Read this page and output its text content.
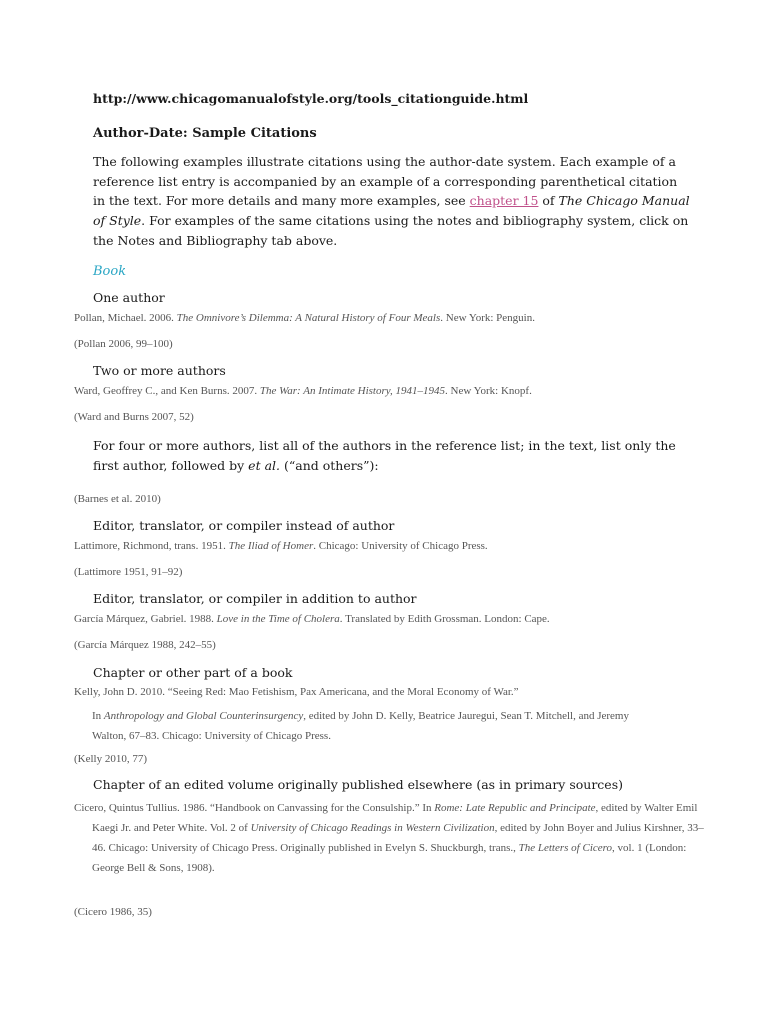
http://www.chicagomanualofstyle.org/tools_citationguide.html
Author-Date: Sample Citations
The following examples illustrate citations using the author-date system. Each example of a reference list entry is accompanied by an example of a corresponding parenthetical citation in the text. For more details and many more examples, see chapter 15 of The Chicago Manual of Style. For examples of the same citations using the notes and bibliography system, click on the Notes and Bibliography tab above.
Book
One author
Pollan, Michael. 2006. The Omnivore’s Dilemma: A Natural History of Four Meals. New York: Penguin.
(Pollan 2006, 99–100)
Two or more authors
Ward, Geoffrey C., and Ken Burns. 2007. The War: An Intimate History, 1941–1945. New York: Knopf.
(Ward and Burns 2007, 52)
For four or more authors, list all of the authors in the reference list; in the text, list only the first author, followed by et al. (“and others”):
(Barnes et al. 2010)
Editor, translator, or compiler instead of author
Lattimore, Richmond, trans. 1951. The Iliad of Homer. Chicago: University of Chicago Press.
(Lattimore 1951, 91–92)
Editor, translator, or compiler in addition to author
García Márquez, Gabriel. 1988. Love in the Time of Cholera. Translated by Edith Grossman. London: Cape.
(García Márquez 1988, 242–55)
Chapter or other part of a book
Kelly, John D. 2010. “Seeing Red: Mao Fetishism, Pax Americana, and the Moral Economy of War.”
In Anthropology and Global Counterinsurgency, edited by John D. Kelly, Beatrice Jauregui, Sean T. Mitchell, and Jeremy Walton, 67–83. Chicago: University of Chicago Press.
(Kelly 2010, 77)
Chapter of an edited volume originally published elsewhere (as in primary sources)
Cicero, Quintus Tullius. 1986. “Handbook on Canvassing for the Consulship.” In Rome: Late Republic and Principate, edited by Walter Emil Kaegi Jr. and Peter White. Vol. 2 of University of Chicago Readings in Western Civilization, edited by John Boyer and Julius Kirshner, 33–46. Chicago: University of Chicago Press. Originally published in Evelyn S. Shuckburgh, trans., The Letters of Cicero, vol. 1 (London: George Bell & Sons, 1908).
(Cicero 1986, 35)
